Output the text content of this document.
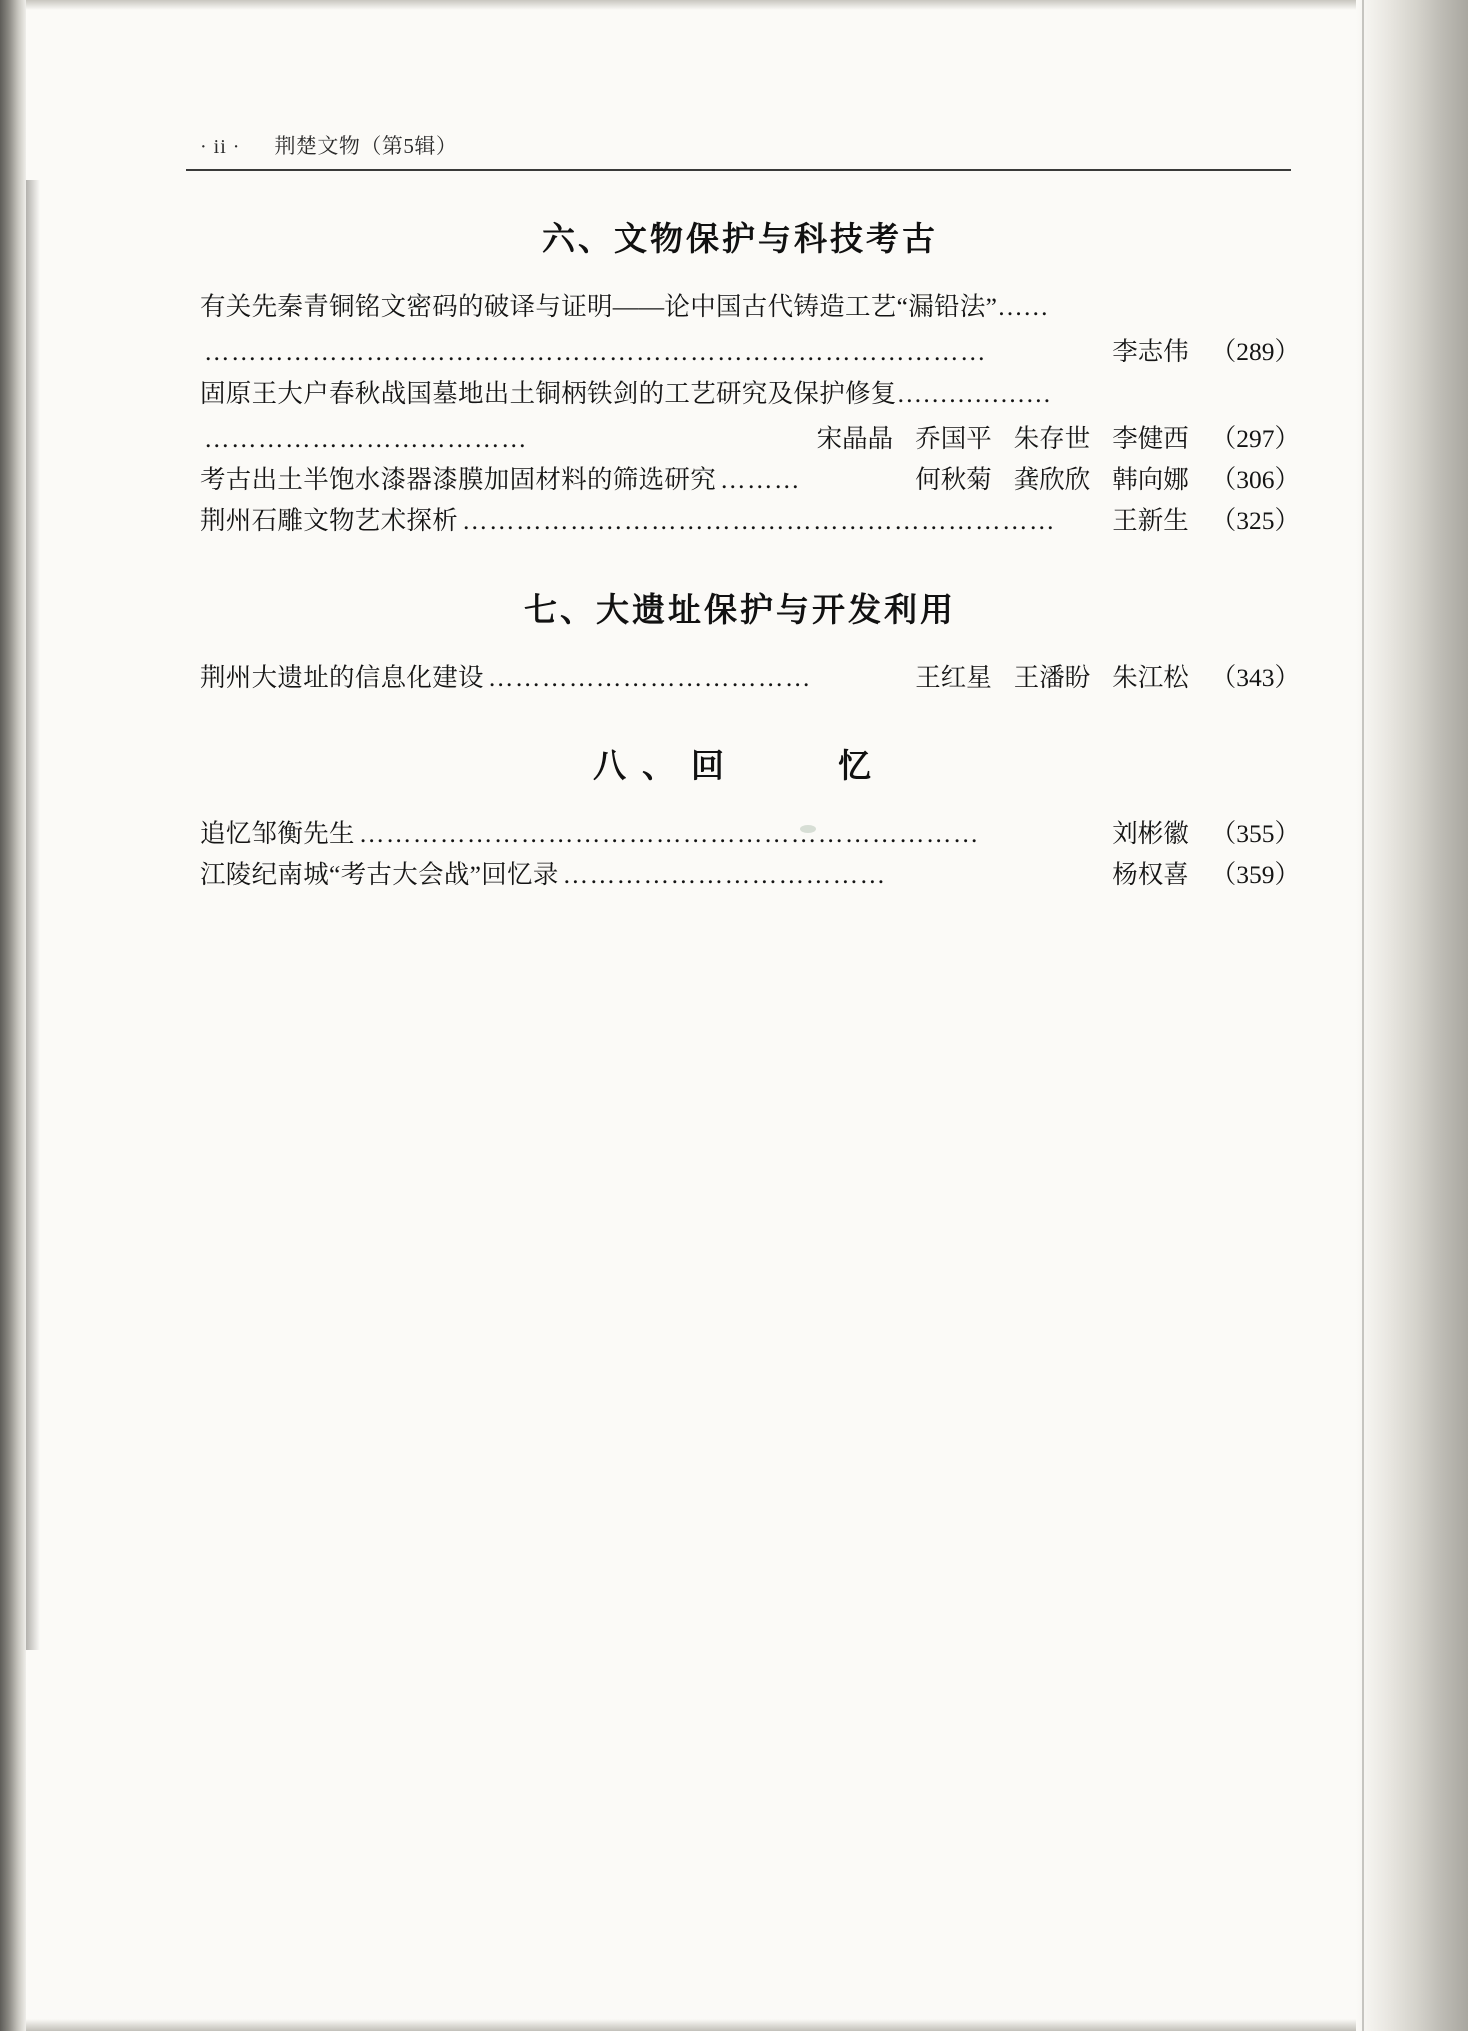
· ii · 荆楚文物（第5辑）
六、文物保护与科技考古
有关先秦青铜铭文密码的破译与证明——论中国古代铸造工艺“漏铅法”……
……………………………………………………………………………	李志伟 （289）
固原王大户春秋战国墓地出土铜柄铁剑的工艺研究及保护修复………………
………………………………	宋晶晶 乔国平 朱存世 李健西 （297）
考古出土半饱水漆器漆膜加固材料的筛选研究 ………	何秋菊 龚欣欣 韩向娜 （306）
荆州石雕文物艺术探析 …………………………………………………………	王新生 （325）
七、大遗址保护与开发利用
荆州大遗址的信息化建设 ………………………………	王红星 王潘盼 朱江松 （343）
八、回　　忆
追忆邹衡先生 ……………………………………………………………	刘彬徽 （355）
江陵纪南城“考古大会战”回忆录 ………………………………	杨权喜 （359）
